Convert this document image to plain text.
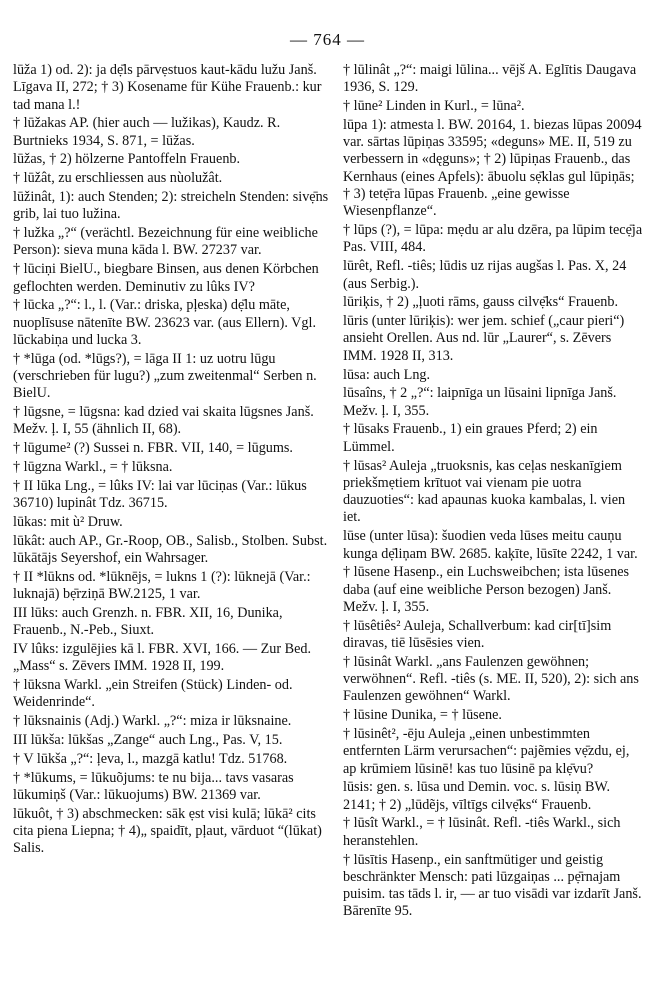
— 764 —
lūža 1) od. 2): ja dẹ̄ls pārvẹstuos kaut-kādu lužu Janš. Līgava II, 272; † 3) Kosename für Kühe Frauenb.: kur tad mana l.!
† lūžakas AP. (hier auch — lužikas), Kaudz. R. Burtnieks 1934, S. 871, = lūžas.
lūžas, † 2) hölzerne Pantoffeln Frauenb.
† lūžât, zu erschliessen aus nùolužât.
lūžinât, 1): auch Stenden; 2): streicheln Stenden: sivẹ̄ns grib, lai tuo lužina.
† lužka „?“ (verächtl. Bezeichnung für eine weibliche Person): sieva muna kāda l. BW. 27237 var.
† lūciṇi BielU., biegbare Binsen, aus denen Körbchen geflochten werden. Deminutiv zu lûks IV?
† lūcka „?“: l., l. (Var.: driska, pļeska) dẹ̄lu māte, nuoplīsuse nātenīte BW. 23623 var. (aus Ellern). Vgl. lūckabiṇa und lucka 3.
† *lūga (od. *lūgs?), = lāga II 1: uz uotru lūgu (verschrieben für lugu?) „zum zweitenmal“ Serben n. BielU.
† lūgsne, = lūgsna: kad dzied vai skaita lūgsnes Janš. Mežv. ļ. I, 55 (ähnlich II, 68).
† lūgume² (?) Sussei n. FBR. VII, 140, = lūgums.
† lūgzna Warkl., = † lūksna.
† II lūka Lng., = lûks IV: lai var lūciṇas (Var.: lūkus 36710) lupinât Tdz. 36715.
lūkas: mit ù² Druw.
lūkât: auch AP., Gr.-Roop, OB., Salisb., Stolben. Subst. lūkātājs Seyershof, ein Wahrsager.
† II *lūkns od. *lūknējs, = lukns 1 (?): lūknejā (Var.: luknajā) bẹ̄rziṇā BW.2125, 1 var.
III lūks: auch Grenzh. n. FBR. XII, 16, Dunika, Frauenb., N.-Peb., Siuxt.
IV lûks: izgulējies kā l. FBR. XVI, 166. — Zur Bed. „Mass“ s. Zēvers IMM. 1928 II, 199.
† lūksna Warkl. „ein Streifen (Stück) Linden- od. Weidenrinde“.
† lūksnainis (Adj.) Warkl. „?“: miza ir lūksnaine.
III lūkša: lūkšas „Zange“ auch Lng., Pas. V, 15.
† V lūkša „?“: ļeva, l., mazgā katlu! Tdz. 51768.
† *lūkums, = lūkuõjums: te nu bija... tavs vasaras lūkumiņš (Var.: lūkuojums) BW. 21369 var.
lūkuôt, † 3) abschmecken: sāk ẹst visi kulā; lūkā² cits cita piena Liepna; † 4)„ spaidīt, pļaut, vārduot “(lūkat) Salis.
† lūlinât „?“: maigi lūlina... vējš A. Eglītis Daugava 1936, S. 129.
† lūne² Linden in Kurl., = lūna².
lūpa 1): atmesta l. BW. 20164, 1. biezas lūpas 20094 var. sārtas lūpiṇas 33595; «deguns» ME. II, 519 zu verbessern in «dęguns»; † 2) lūpiṇas Frauenb., das Kernhaus (eines Apfels): ābuolu sẹ̄klas gul lūpiņās; † 3) tetẹ̄ra lūpas Frauenb. „eine gewisse Wiesenpflanze“.
† lūps (?), = lūpa: mẹdu ar alu dzēra, pa lūpim tecẹ̄ja Pas. VIII, 484.
lūrêt, Refl. -tiês; lūdis uz rijas augšas l. Pas. X, 24 (aus Serbig.).
lūriķis, † 2) „ļuoti rāms, gauss cilvẹ̄ks“ Frauenb.
lūris (unter lūriķis): wer jem. schief („caur pieri“) ansieht Orellen. Aus nd. lūr „Laurer“, s. Zēvers IMM. 1928 II, 313.
lūsa: auch Lng.
lūsaîns, † 2 „?“: laipnīga un lūsaini lipnīga Janš. Mežv. ļ. I, 355.
† lūsaks Frauenb., 1) ein graues Pferd; 2) ein Lümmel.
† lūsas² Auleja „truoksnis, kas ceļas neskanīgiem priekšmẹtiem krītuot vai vienam pie uotra dauzuoties“: kad apaunas kuoka kambalas, l. vien iet.
lūse (unter lūsa): šuodien veda lūses meitu cauņu kunga dẹ̄liņam BW. 2685. kaķīte, lūsīte 2242, 1 var.
† lūsene Hasenp., ein Luchsweibchen; ista lūsenes daba (auf eine weibliche Person bezogen) Janš. Mežv. ļ. I, 355.
† lūsêtiês² Auleja, Schallverbum: kad cir[tī]sim diravas, tiē lūsēsies vien.
† lūsinât Warkl. „ans Faulenzen gewöhnen; verwöhnen“. Refl. -tiês (s. ME. II, 520), 2): sich ans Faulenzen gewöhnen“ Warkl.
† lūsine Dunika, = † lūsene.
† lūsinêt², -ēju Auleja „einen unbestimmten entfernten Lärm verursachen“: pajẽmies vẹ̄zdu, ej, ap krūmiem lūsinē! kas tuo lūsinē pa klẹ̄vu?
lūsis: gen. s. lūsa und Demin. voc. s. lūsiņ BW. 2141; † 2) „lūdẽjs, vīltīgs cilvẹ̄ks“ Frauenb.
† lūsît Warkl., = † lūsinât. Refl. -tiês Warkl., sich heranstehlen.
† lūsītis Hasenp., ein sanftmütiger und geistig beschränkter Mensch: pati lūzgaiņas ... pẹ̄rnajam puisim. tas tāds l. ir, — ar tuo visādi var izdarīt Janš. Bārenīte 95.
